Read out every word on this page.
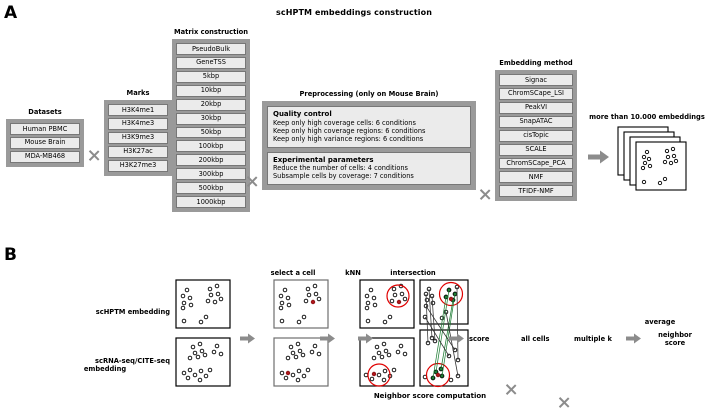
scHPTM embeddings construction
A
Datasets
Human PBMC
Mouse Brain
MDA-MB468
Marks
H3K4me1
H3K4me3
H3K9me3
H3K27ac
H3K27me3
Matrix construction
PseudoBulk
GeneTSS
5kbp
10kbp
20kbp
30kbp
50kbp
100kbp
200kbp
300kbp
500kbp
1000kbp
Preprocessing (only on Mouse Brain)
Quality control
Keep only high coverage cells: 6 conditions
Keep only high coverage regions: 6 conditions
Keep only high variance regions: 6 conditions
Experimental parameters
Reduce the number of cells: 4 conditions
Subsample cells by coverage: 7 conditions
Embedding method
Signac
ChromSCape_LSI
PeakVI
SnapATAC
cisTopic
SCALE
ChromSCape_PCA
NMF
TFIDF-NMF
more than 10.000 embeddings
B
scHPTM embedding
scRNA-seq/CITE-seq
embedding
select a cell	kNN	intersection
score	all cells	multiple k
average
neighbor
score
Neighbor score computation
